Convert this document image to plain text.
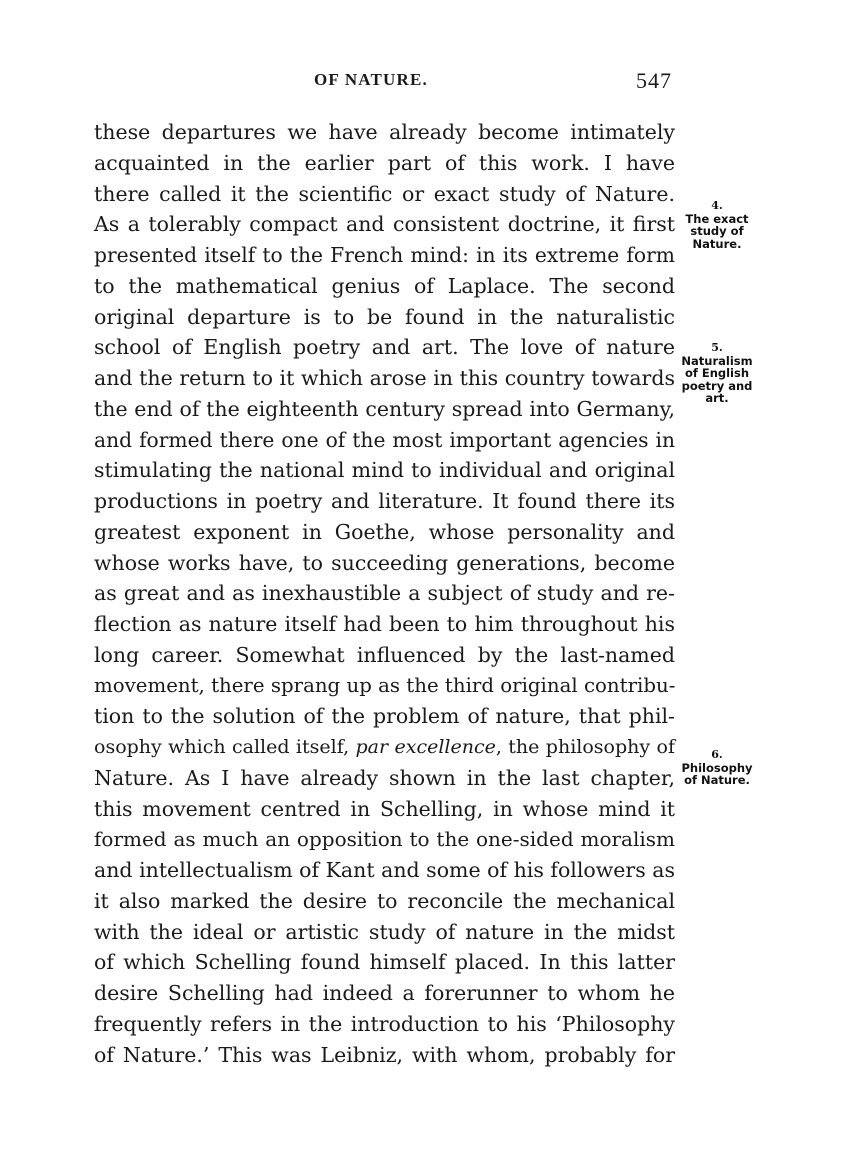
OF NATURE.	547
these departures we have already become intimately
acquainted in the earlier part of this work. I have
there called it the scientific or exact study of Nature.
As a tolerably compact and consistent doctrine, it first
presented itself to the French mind: in its extreme form
to the mathematical genius of Laplace. The second
original departure is to be found in the naturalistic
school of English poetry and art. The love of nature
and the return to it which arose in this country towards
the end of the eighteenth century spread into Germany,
and formed there one of the most important agencies in
stimulating the national mind to individual and original
productions in poetry and literature. It found there its
greatest exponent in Goethe, whose personality and
whose works have, to succeeding generations, become
as great and as inexhaustible a subject of study and re-
flection as nature itself had been to him throughout his
long career. Somewhat influenced by the last-named
movement, there sprang up as the third original contribu-
tion to the solution of the problem of nature, that phil-
osophy which called itself, par excellence, the philosophy of
Nature. As I have already shown in the last chapter,
this movement centred in Schelling, in whose mind it
formed as much an opposition to the one-sided moralism
and intellectualism of Kant and some of his followers as
it also marked the desire to reconcile the mechanical
with the ideal or artistic study of nature in the midst
of which Schelling found himself placed. In this latter
desire Schelling had indeed a forerunner to whom he
frequently refers in the introduction to his ‘Philosophy
of Nature.’ This was Leibniz, with whom, probably for
4.
The exact
study of
Nature.
5.
Naturalism
of English
poetry and
art.
6.
Philosophy
of Nature.
